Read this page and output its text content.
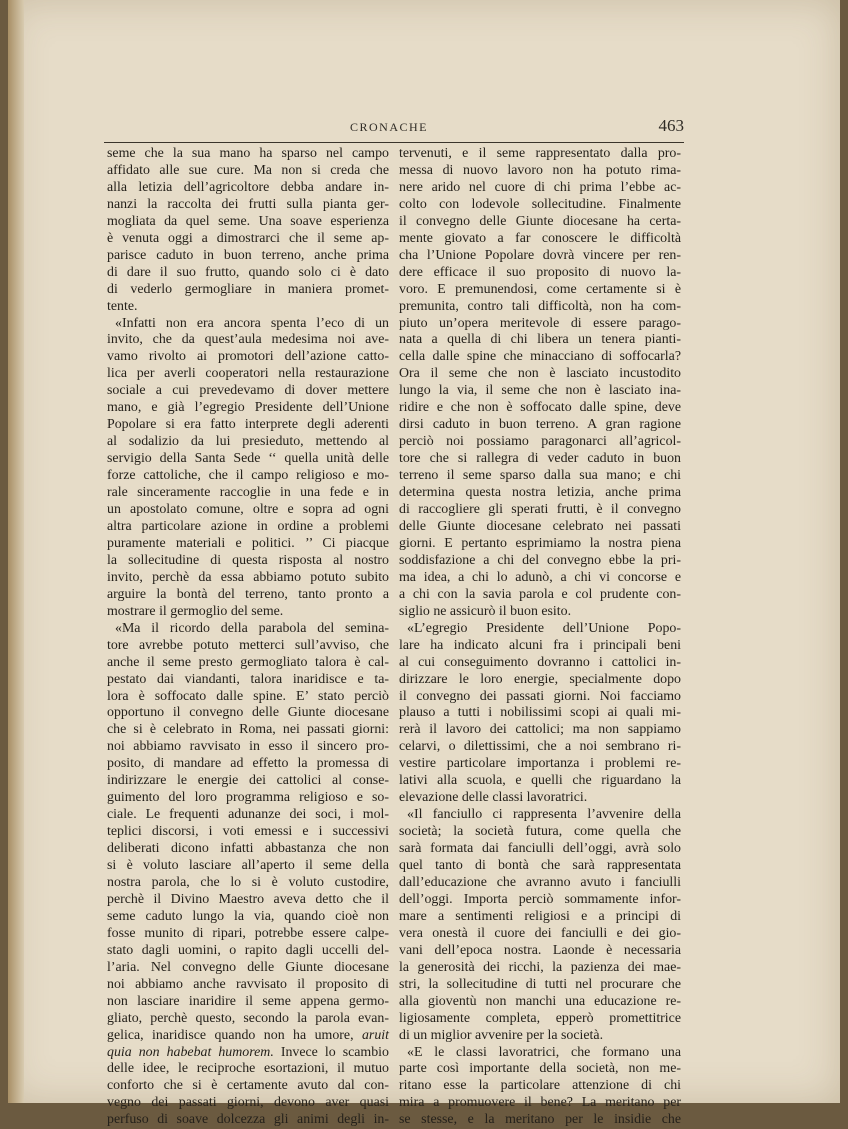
CRONACHE	463
seme che la sua mano ha sparso nel campo
affidato alle sue cure. Ma non si creda che
alla letizia dell’agricoltore debba andare in-
nanzi la raccolta dei frutti sulla pianta ger-
mogliata da quel seme. Una soave esperienza
è venuta oggi a dimostrarci che il seme ap-
parisce caduto in buon terreno, anche prima
di dare il suo frutto, quando solo ci è dato
di vederlo germogliare in maniera promet-
tente.
«Infatti non era ancora spenta l’eco di un
invito, che da quest’aula medesima noi ave-
vamo rivolto ai promotori dell’azione catto-
lica per averli cooperatori nella restaurazione
sociale a cui prevedevamo di dover mettere
mano, e già l’egregio Presidente dell’Unione
Popolare si era fatto interprete degli aderenti
al sodalizio da lui presieduto, mettendo al
servigio della Santa Sede ‘‘ quella unità delle
forze cattoliche, che il campo religioso e mo-
rale sinceramente raccoglie in una fede e in
un apostolato comune, oltre e sopra ad ogni
altra particolare azione in ordine a problemi
puramente materiali e politici. ’’ Ci piacque
la sollecitudine di questa risposta al nostro
invito, perchè da essa abbiamo potuto subito
arguire la bontà del terreno, tanto pronto a
mostrare il germoglio del seme.
«Ma il ricordo della parabola del semina-
tore avrebbe potuto metterci sull’avviso, che
anche il seme presto germogliato talora è cal-
pestato dai viandanti, talora inaridisce e ta-
lora è soffocato dalle spine. E’ stato perciò
opportuno il convegno delle Giunte diocesane
che si è celebrato in Roma, nei passati giorni:
noi abbiamo ravvisato in esso il sincero pro-
posito, di mandare ad effetto la promessa di
indirizzare le energie dei cattolici al conse-
guimento del loro programma religioso e so-
ciale. Le frequenti adunanze dei soci, i mol-
teplici discorsi, i voti emessi e i successivi
deliberati dicono infatti abbastanza che non
si è voluto lasciare all’aperto il seme della
nostra parola, che lo si è voluto custodire,
perchè il Divino Maestro aveva detto che il
seme caduto lungo la via, quando cioè non
fosse munito di ripari, potrebbe essere calpe-
stato dagli uomini, o rapito dagli uccelli del-
l’aria. Nel convegno delle Giunte diocesane
noi abbiamo anche ravvisato il proposito di
non lasciare inaridire il seme appena germo-
gliato, perchè questo, secondo la parola evan-
gelica, inaridisce quando non ha umore, aruit
quia non habebat humorem. Invece lo scambio
delle idee, le reciproche esortazioni, il mutuo
conforto che si è certamente avuto dal con-
vegno dei passati giorni, devono aver quasi
perfuso di soave dolcezza gli animi degli in-
tervenuti, e il seme rappresentato dalla pro-
messa di nuovo lavoro non ha potuto rima-
nere arido nel cuore di chi prima l’ebbe ac-
colto con lodevole sollecitudine. Finalmente
il convegno delle Giunte diocesane ha certa-
mente giovato a far conoscere le difficoltà
cha l’Unione Popolare dovrà vincere per ren-
dere efficace il suo proposito di nuovo la-
voro. E premunendosi, come certamente si è
premunita, contro tali difficoltà, non ha com-
piuto un’opera meritevole di essere parago-
nata a quella di chi libera un tenera pianti-
cella dalle spine che minacciano di soffocarla?
Ora il seme che non è lasciato incustodito
lungo la via, il seme che non è lasciato ina-
ridire e che non è soffocato dalle spine, deve
dirsi caduto in buon terreno. A gran ragione
perciò noi possiamo paragonarci all’agricol-
tore che si rallegra di veder caduto in buon
terreno il seme sparso dalla sua mano; e chi
determina questa nostra letizia, anche prima
di raccogliere gli sperati frutti, è il convegno
delle Giunte diocesane celebrato nei passati
giorni. E pertanto esprimiamo la nostra piena
soddisfazione a chi del convegno ebbe la pri-
ma idea, a chi lo adunò, a chi vi concorse e
a chi con la savia parola e col prudente con-
siglio ne assicurò il buon esito.
«L’egregio Presidente dell’Unione Popo-
lare ha indicato alcuni fra i principali beni
al cui conseguimento dovranno i cattolici in-
dirizzare le loro energie, specialmente dopo
il convegno dei passati giorni. Noi facciamo
plauso a tutti i nobilissimi scopi ai quali mi-
rerà il lavoro dei cattolici; ma non sappiamo
celarvi, o dilettissimi, che a noi sembrano ri-
vestire particolare importanza i problemi re-
lativi alla scuola, e quelli che riguardano la
elevazione delle classi lavoratrici.
«Il fanciullo ci rappresenta l’avvenire della
società; la società futura, come quella che
sarà formata dai fanciulli dell’oggi, avrà solo
quel tanto di bontà che sarà rappresentata
dall’educazione che avranno avuto i fanciulli
dell’oggi. Importa perciò sommamente infor-
mare a sentimenti religiosi e a principi di
vera onestà il cuore dei fanciulli e dei gio-
vani dell’epoca nostra. Laonde è necessaria
la generosità dei ricchi, la pazienza dei mae-
stri, la sollecitudine di tutti nel procurare che
alla gioventù non manchi una educazione re-
ligiosamente completa, epperò promettitrice
di un miglior avvenire per la società.
«E le classi lavoratrici, che formano una
parte così importante della società, non me-
ritano esse la particolare attenzione di chi
mira a promuovere il bene? La meritano per
se stesse, e la meritano per le insidie che
